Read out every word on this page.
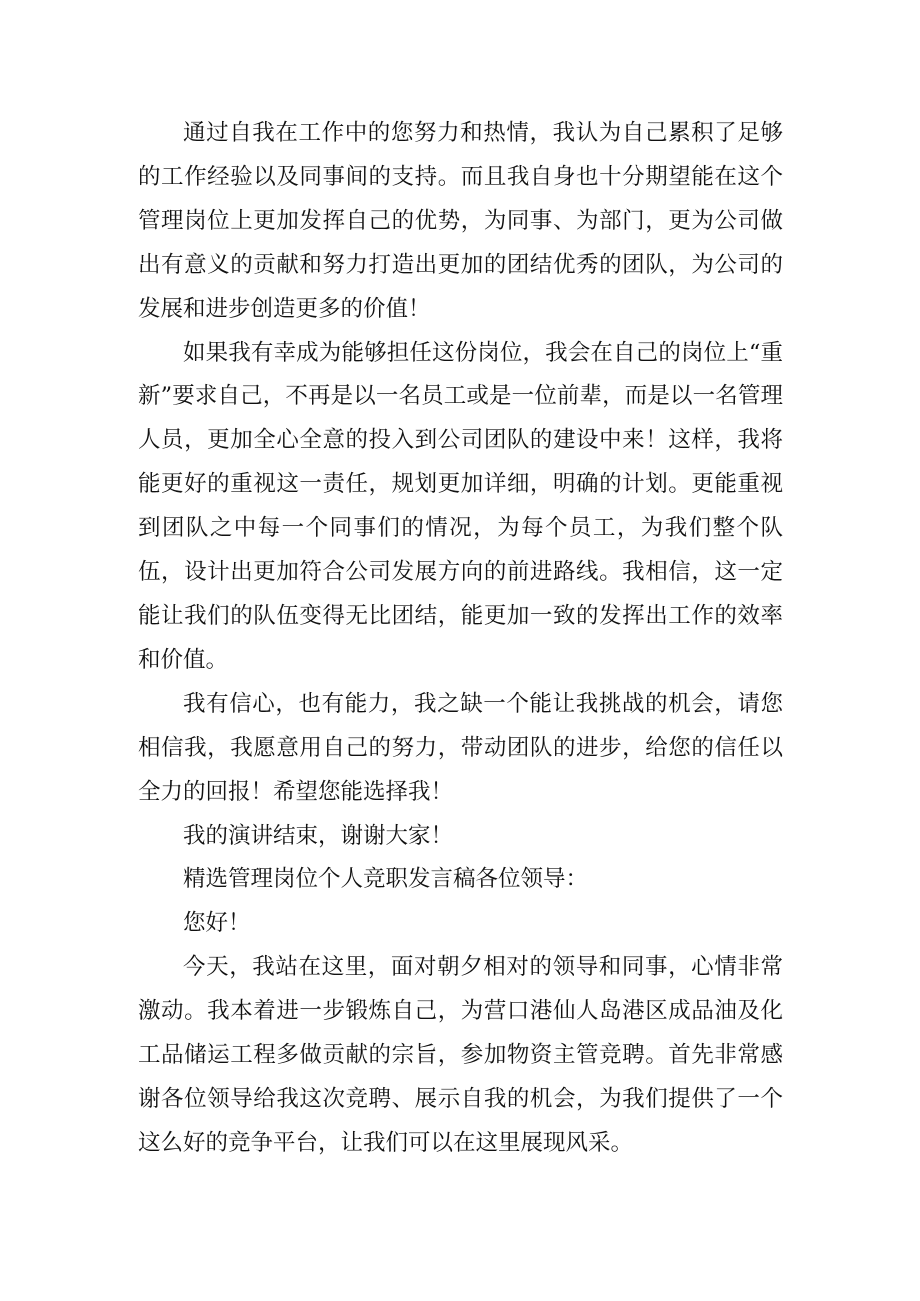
通过自我在工作中的您努力和热情，我认为自己累积了足够的工作经验以及同事间的支持。而且我自身也十分期望能在这个管理岗位上更加发挥自己的优势，为同事、为部门，更为公司做出有意义的贡献和努力打造出更加的团结优秀的团队，为公司的发展和进步创造更多的价值！

如果我有幸成为能够担任这份岗位，我会在自己的岗位上“重新”要求自己，不再是以一名员工或是一位前辈，而是以一名管理人员，更加全心全意的投入到公司团队的建设中来！这样，我将能更好的重视这一责任，规划更加详细，明确的计划。更能重视到团队之中每一个同事们的情况，为每个员工，为我们整个队伍，设计出更加符合公司发展方向的前进路线。我相信，这一定能让我们的队伍变得无比团结，能更加一致的发挥出工作的效率和价值。

我有信心，也有能力，我之缺一个能让我挑战的机会，请您相信我，我愿意用自己的努力，带动团队的进步，给您的信任以全力的回报！希望您能选择我！

我的演讲结束，谢谢大家！

精选管理岗位个人竞职发言稿各位领导：

您好！

今天，我站在这里，面对朝夕相对的领导和同事，心情非常激动。我本着进一步锻炼自己，为营口港仙人岛港区成品油及化工品储运工程多做贡献的宗旨，参加物资主管竞聘。首先非常感谢各位领导给我这次竞聘、展示自我的机会，为我们提供了一个这么好的竞争平台，让我们可以在这里展现风采。
